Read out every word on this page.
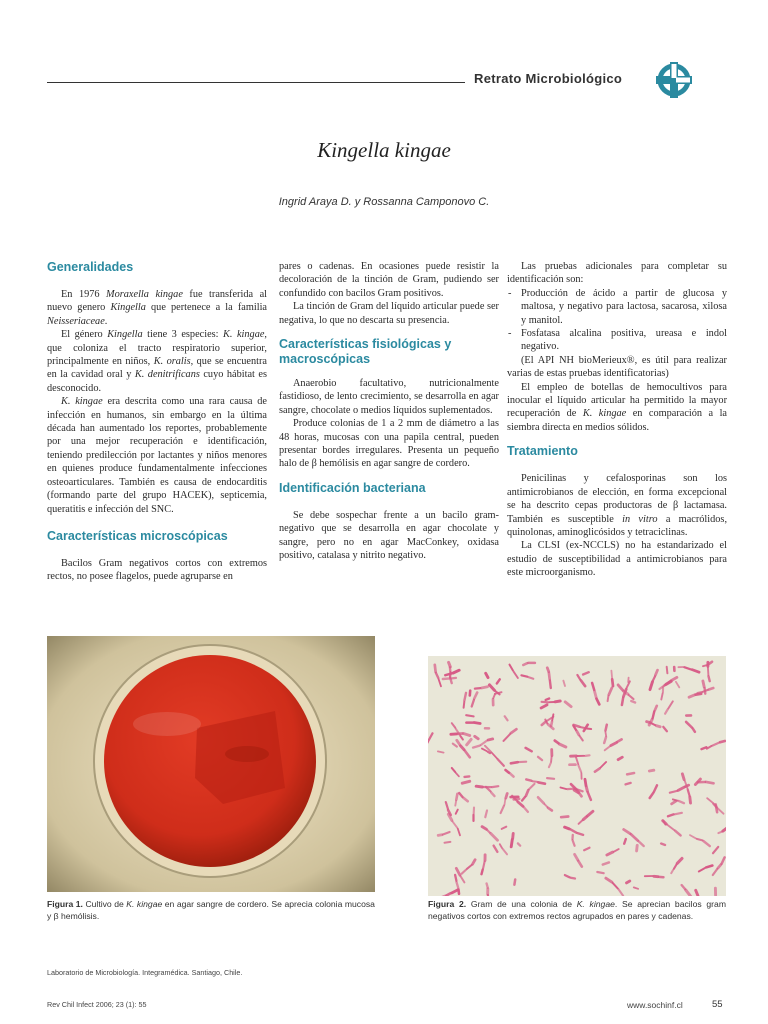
Retrato Microbiológico
Kingella kingae
Ingrid Araya D. y Rossanna Camponovo C.
Generalidades

En 1976 Moraxella kingae fue transferida al nuevo genero Kingella que pertenece a la familia Neisseriaceae.

El género Kingella tiene 3 especies: K. kingae, que coloniza el tracto respiratorio superior, principalmente en niños, K. oralis, que se encuentra en la cavidad oral y K. denitrificans cuyo hábitat es desconocido.

K. kingae era descrita como una rara causa de infección en humanos, sin embargo en la última década han aumentado los reportes, probablemente por una mejor recuperación e identificación, teniendo predilección por lactantes y niños menores en quienes produce fundamentalmente infecciones osteoarticulares. También es causa de endocarditis (formando parte del grupo HACEK), septicemia, queratitis e infección del SNC.

Características microscópicas

Bacilos Gram negativos cortos con extremos rectos, no posee flagelos, puede agruparse en

pares o cadenas. En ocasiones puede resistir la decoloración de la tinción de Gram, pudiendo ser confundido con bacilos Gram positivos.

La tinción de Gram del líquido articular puede ser negativa, lo que no descarta su presencia.

Características fisiológicas y macroscópicas

Anaerobio facultativo, nutricionalmente fastidioso, de lento crecimiento, se desarrolla en agar sangre, chocolate o medios líquidos suplementados.

Produce colonias de 1 a 2 mm de diámetro a las 48 horas, mucosas con una papila central, pueden presentar bordes irregulares. Presenta un pequeño halo de β hemólisis en agar sangre de cordero.

Identificación bacteriana

Se debe sospechar frente a un bacilo gram-negativo que se desarrolla en agar chocolate y sangre, pero no en agar MacConkey, oxidasa positivo, catalasa y nitrito negativo.

Las pruebas adicionales para completar su identificación son:

- Producción de ácido a partir de glucosa y maltosa, y negativo para lactosa, sacarosa, xilosa y manitol.
- Fosfatasa alcalina positiva, ureasa e indol negativo.

(El API NH bioMerieux®, es útil para realizar varias de estas pruebas identificatorias)

El empleo de botellas de hemocultivos para inocular el líquido articular ha permitido la mayor recuperación de K. kingae en comparación a la siembra directa en medios sólidos.

Tratamiento

Penicilinas y cefalosporinas son los antimicrobianos de elección, en forma excepcional se ha descrito cepas productoras de β lactamasa. También es susceptible in vitro a macrólidos, quinolonas, aminoglicósidos y tetraciclinas.

La CLSI (ex-NCCLS) no ha estandarizado el estudio de susceptibilidad a antimicrobianos para este microorganismo.

Figura 1. Cultivo de K. kingae en agar sangre de cordero. Se aprecia colonia mucosa y β hemólisis.
Figura 2. Gram de una colonia de K. kingae. Se aprecian bacilos gram negativos cortos con extremos rectos agrupados en pares y cadenas.
Laboratorio de Microbiología. Integramédica. Santiago, Chile.
Rev Chil Infect 2006; 23 (1): 55	www.sochinf.cl	55
